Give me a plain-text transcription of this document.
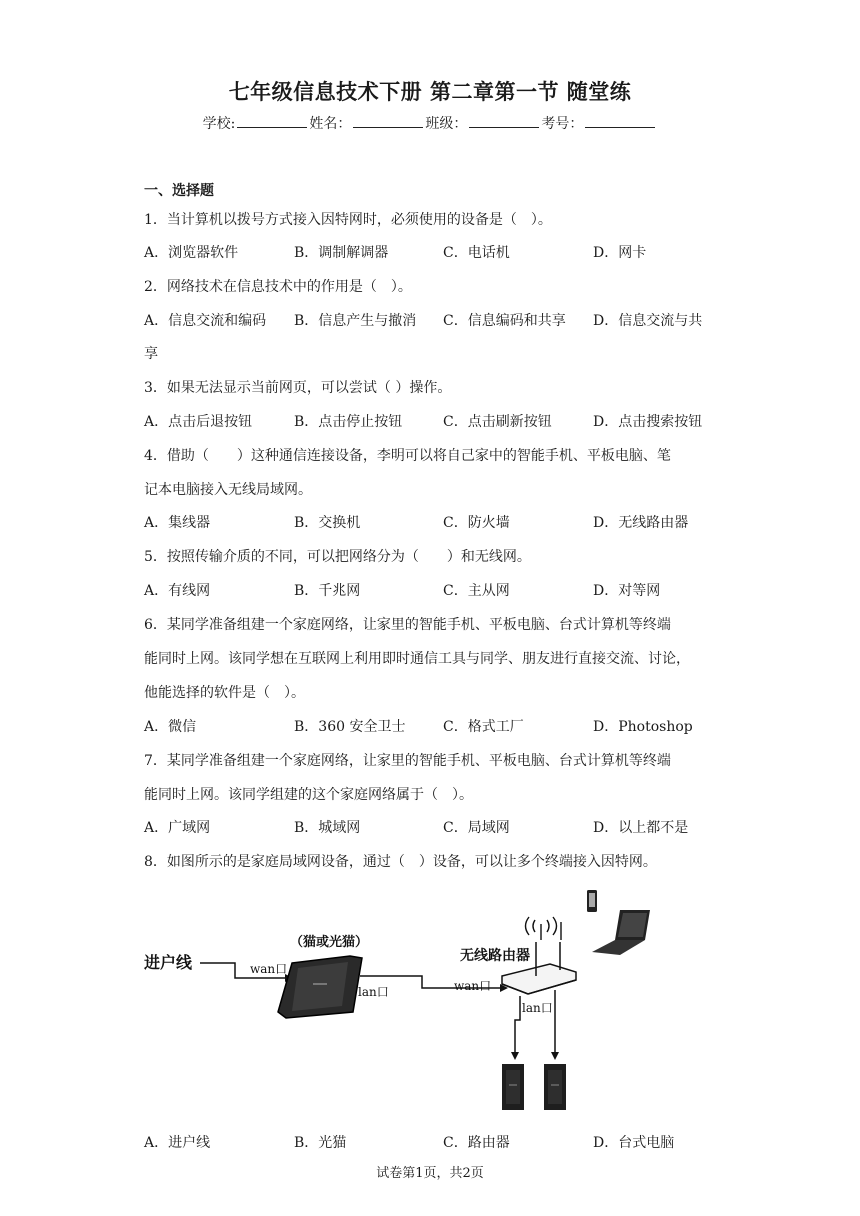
七年级信息技术下册 第二章第一节 随堂练
学校:	姓名：	班级：	考号：
一、选择题
1．当计算机以拨号方式接入因特网时，必须使用的设备是（　）。
A．浏览器软件	B．调制解调器	C．电话机	D．网卡
2．网络技术在信息技术中的作用是（　）。
A．信息交流和编码 B．信息产生与撤消 C．信息编码和共享 D．信息交流与共
享
3．如果无法显示当前网页，可以尝试（ ）操作。
A．点击后退按钮	B．点击停止按钮	C．点击刷新按钮	D．点击搜索按钮
4．借助（　　）这种通信连接设备，李明可以将自己家中的智能手机、平板电脑、笔
记本电脑接入无线局域网。
A．集线器	B．交换机	C．防火墙	D．无线路由器
5．按照传输介质的不同，可以把网络分为（　　）和无线网。
A．有线网	B．千兆网	C．主从网	D．对等网
6．某同学准备组建一个家庭网络，让家里的智能手机、平板电脑、台式计算机等终端
能同时上网。该同学想在互联网上利用即时通信工具与同学、朋友进行直接交流、讨论，
他能选择的软件是（　）。
A．微信	B．360 安全卫士	C．格式工厂	D．Photoshop
7．某同学准备组建一个家庭网络，让家里的智能手机、平板电脑、台式计算机等终端
能同时上网。该同学组建的这个家庭网络属于（　）。
A．广域网	B．城域网	C．局域网	D．以上都不是
8．如图所示的是家庭局域网设备，通过（　）设备，可以让多个终端接入因特网。
进户线	wan口
（猫或光猫）
lan口	wan口
无线路由器
lan口
A．进户线	B．光猫	C．路由器	D．台式电脑
试卷第1页，共2页
